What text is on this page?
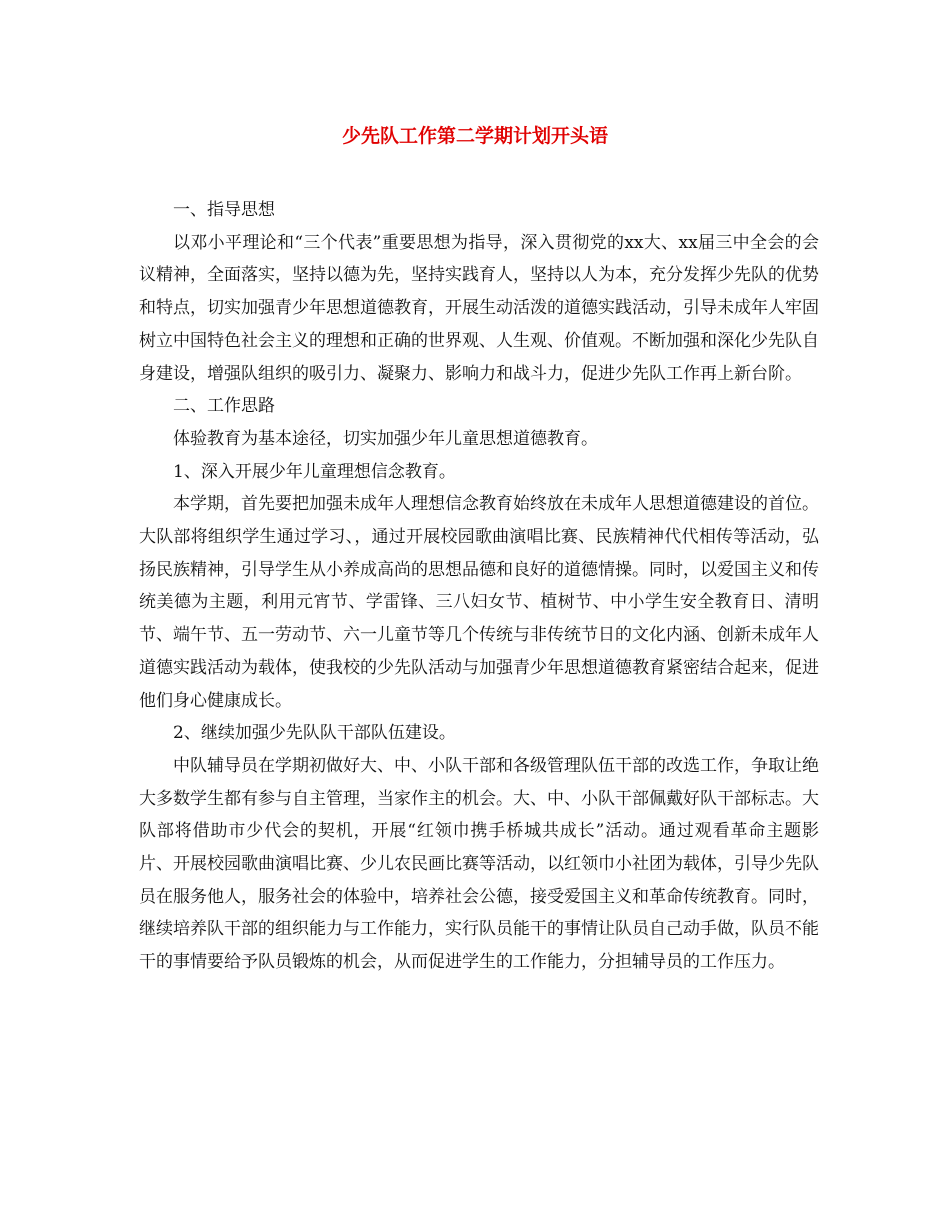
少先队工作第二学期计划开头语

一、指导思想

以邓小平理论和“三个代表”重要思想为指导，深入贯彻党的xx大、xx届三中全会的会议精神，全面落实，坚持以德为先，坚持实践育人，坚持以人为本，充分发挥少先队的优势和特点，切实加强青少年思想道德教育，开展生动活泼的道德实践活动，引导未成年人牢固树立中国特色社会主义的理想和正确的世界观、人生观、价值观。不断加强和深化少先队自身建设，增强队组织的吸引力、凝聚力、影响力和战斗力，促进少先队工作再上新台阶。

二、工作思路

体验教育为基本途径，切实加强少年儿童思想道德教育。

1、深入开展少年儿童理想信念教育。

本学期，首先要把加强未成年人理想信念教育始终放在未成年人思想道德建设的首位。大队部将组织学生通过学习、，通过开展校园歌曲演唱比赛、民族精神代代相传等活动，弘扬民族精神，引导学生从小养成高尚的思想品德和良好的道德情操。同时，以爱国主义和传统美德为主题，利用元宵节、学雷锋、三八妇女节、植树节、中小学生安全教育日、清明节、端午节、五一劳动节、六一儿童节等几个传统与非传统节日的文化内涵、创新未成年人道德实践活动为载体，使我校的少先队活动与加强青少年思想道德教育紧密结合起来，促进他们身心健康成长。

2、继续加强少先队队干部队伍建设。

中队辅导员在学期初做好大、中、小队干部和各级管理队伍干部的改选工作，争取让绝大多数学生都有参与自主管理，当家作主的机会。大、中、小队干部佩戴好队干部标志。大队部将借助市少代会的契机，开展“红领巾携手桥城共成长”活动。通过观看革命主题影片、开展校园歌曲演唱比赛、少儿农民画比赛等活动，以红领巾小社团为载体，引导少先队员在服务他人，服务社会的体验中，培养社会公德，接受爱国主义和革命传统教育。同时，继续培养队干部的组织能力与工作能力，实行队员能干的事情让队员自己动手做，队员不能干的事情要给予队员锻炼的机会，从而促进学生的工作能力，分担辅导员的工作压力。
